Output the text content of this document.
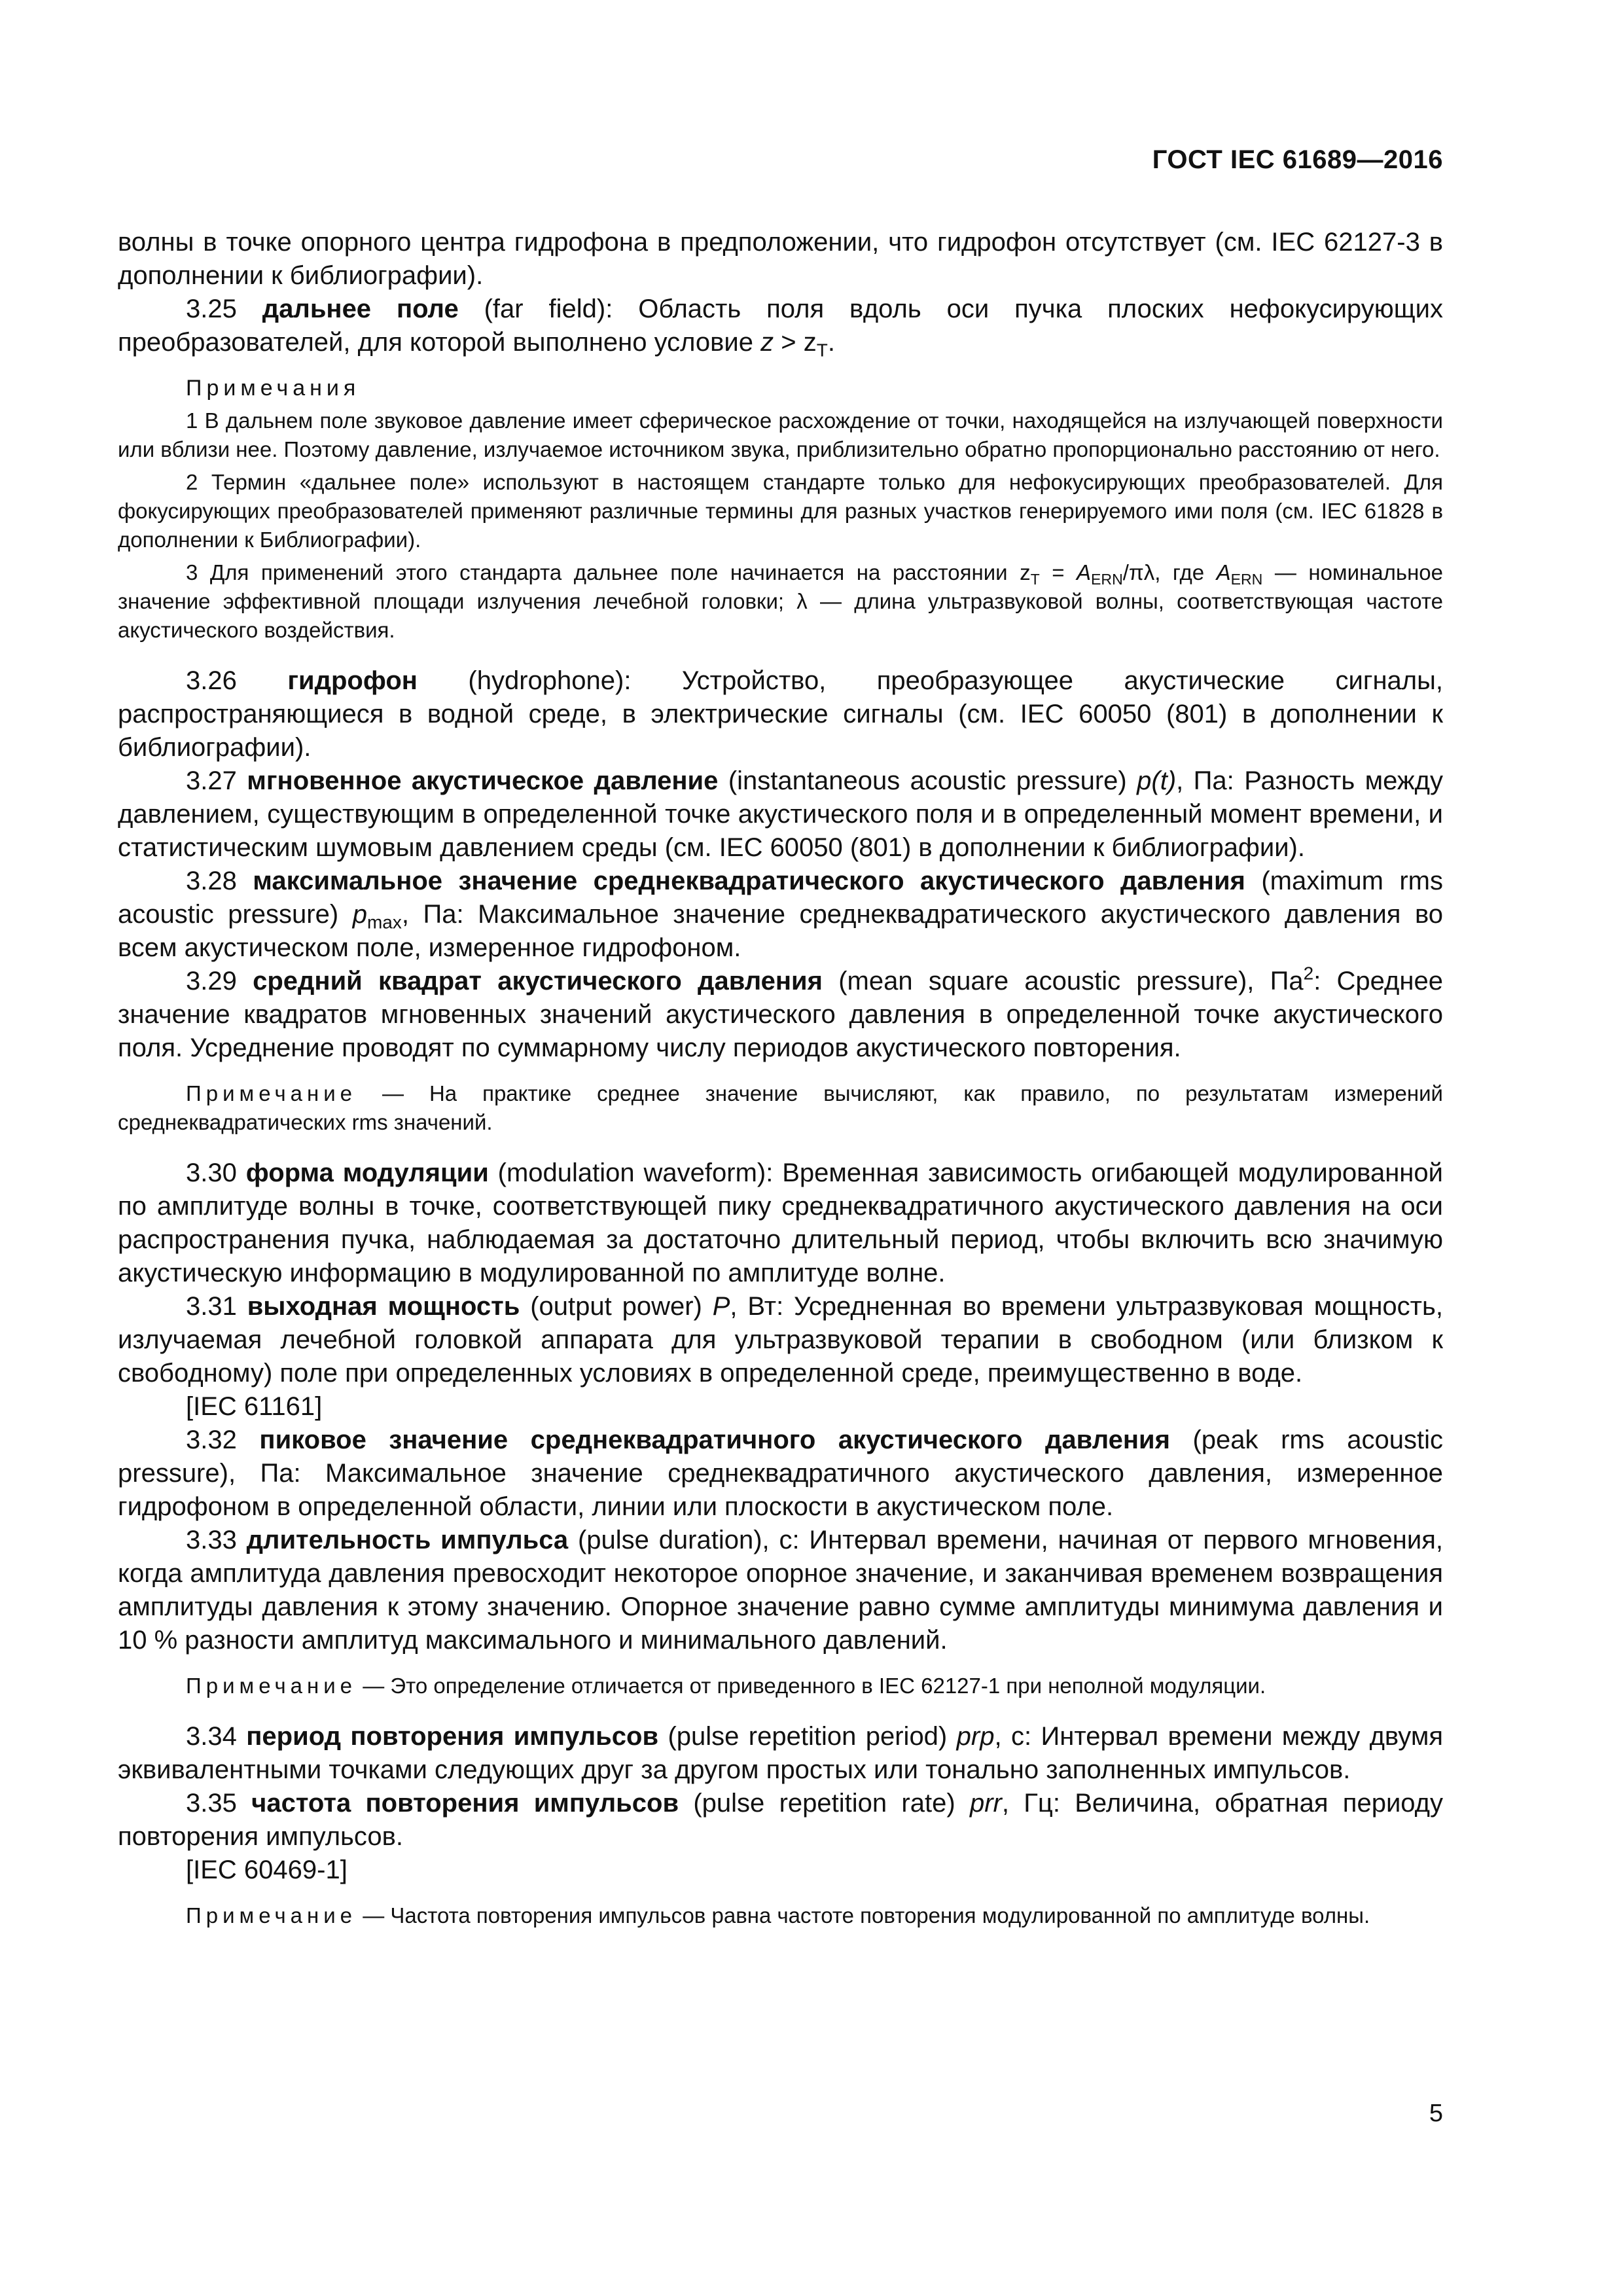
ГОСТ IEC 61689—2016

волны в точке опорного центра гидрофона в предположении, что гидрофон отсутствует (см. IEC 62127-3 в дополнении к библиографии).

3.25 дальнее поле (far field): Область поля вдоль оси пучка плоских нефокусирующих преобразователей, для которой выполнено условие $z > z_T$.

Примечания

1 В дальнем поле звуковое давление имеет сферическое расхождение от точки, находящейся на излучающей поверхности или вблизи нее. Поэтому давление, излучаемое источником звука, приблизительно обратно пропорционально расстоянию от него.

2 Термин «дальнее поле» используют в настоящем стандарте только для нефокусирующих преобразователей. Для фокусирующих преобразователей применяют различные термины для разных участков генерируемого ими поля (см. IEC 61828 в дополнении к Библиографии).

3 Для применений этого стандарта дальнее поле начинается на расстоянии $z_T = A_{ERN}/\pi\lambda$, где $A_{ERN}$ — номинальное значение эффективной площади излучения лечебной головки; λ — длина ультразвуковой волны, соответствующая частоте акустического воздействия.

3.26 гидрофон (hydrophone): Устройство, преобразующее акустические сигналы, распространяющиеся в водной среде, в электрические сигналы (см. IEC 60050 (801) в дополнении к библиографии).

3.27 мгновенное акустическое давление (instantaneous acoustic pressure) p(t), Па: Разность между давлением, существующим в определенной точке акустического поля и в определенный момент времени, и статистическим шумовым давлением среды (см. IEC 60050 (801) в дополнении к библиографии).

3.28 максимальное значение среднеквадратического акустического давления (maximum rms acoustic pressure) $p_{max}$, Па: Максимальное значение среднеквадратического акустического давления во всем акустическом поле, измеренное гидрофоном.

3.29 средний квадрат акустического давления (mean square acoustic pressure), $Па^2$: Среднее значение квадратов мгновенных значений акустического давления в определенной точке акустического поля. Усреднение проводят по суммарному числу периодов акустического повторения.

Примечание — На практике среднее значение вычисляют, как правило, по результатам измерений среднеквадратических rms значений.

3.30 форма модуляции (modulation waveform): Временная зависимость огибающей модулированной по амплитуде волны в точке, соответствующей пику среднеквадратичного акустического давления на оси распространения пучка, наблюдаемая за достаточно длительный период, чтобы включить всю значимую акустическую информацию в модулированной по амплитуде волне.

3.31 выходная мощность (output power) P, Вт: Усредненная во времени ультразвуковая мощность, излучаемая лечебной головкой аппарата для ультразвуковой терапии в свободном (или близком к свободному) поле при определенных условиях в определенной среде, преимущественно в воде.

[IEC 61161]

3.32 пиковое значение среднеквадратичного акустического давления (peak rms acoustic pressure), Па: Максимальное значение среднеквадратичного акустического давления, измеренное гидрофоном в определенной области, линии или плоскости в акустическом поле.

3.33 длительность импульса (pulse duration), с: Интервал времени, начиная от первого мгновения, когда амплитуда давления превосходит некоторое опорное значение, и заканчивая временем возвращения амплитуды давления к этому значению. Опорное значение равно сумме амплитуды минимума давления и 10 % разности амплитуд максимального и минимального давлений.

Примечание — Это определение отличается от приведенного в IEC 62127-1 при неполной модуляции.

3.34 период повторения импульсов (pulse repetition period) prp, с: Интервал времени между двумя эквивалентными точками следующих друг за другом простых или тонально заполненных импульсов.

3.35 частота повторения импульсов (pulse repetition rate) prr, Гц: Величина, обратная периоду повторения импульсов.

[IEC 60469-1]

Примечание — Частота повторения импульсов равна частоте повторения модулированной по амплитуде волны.

5
